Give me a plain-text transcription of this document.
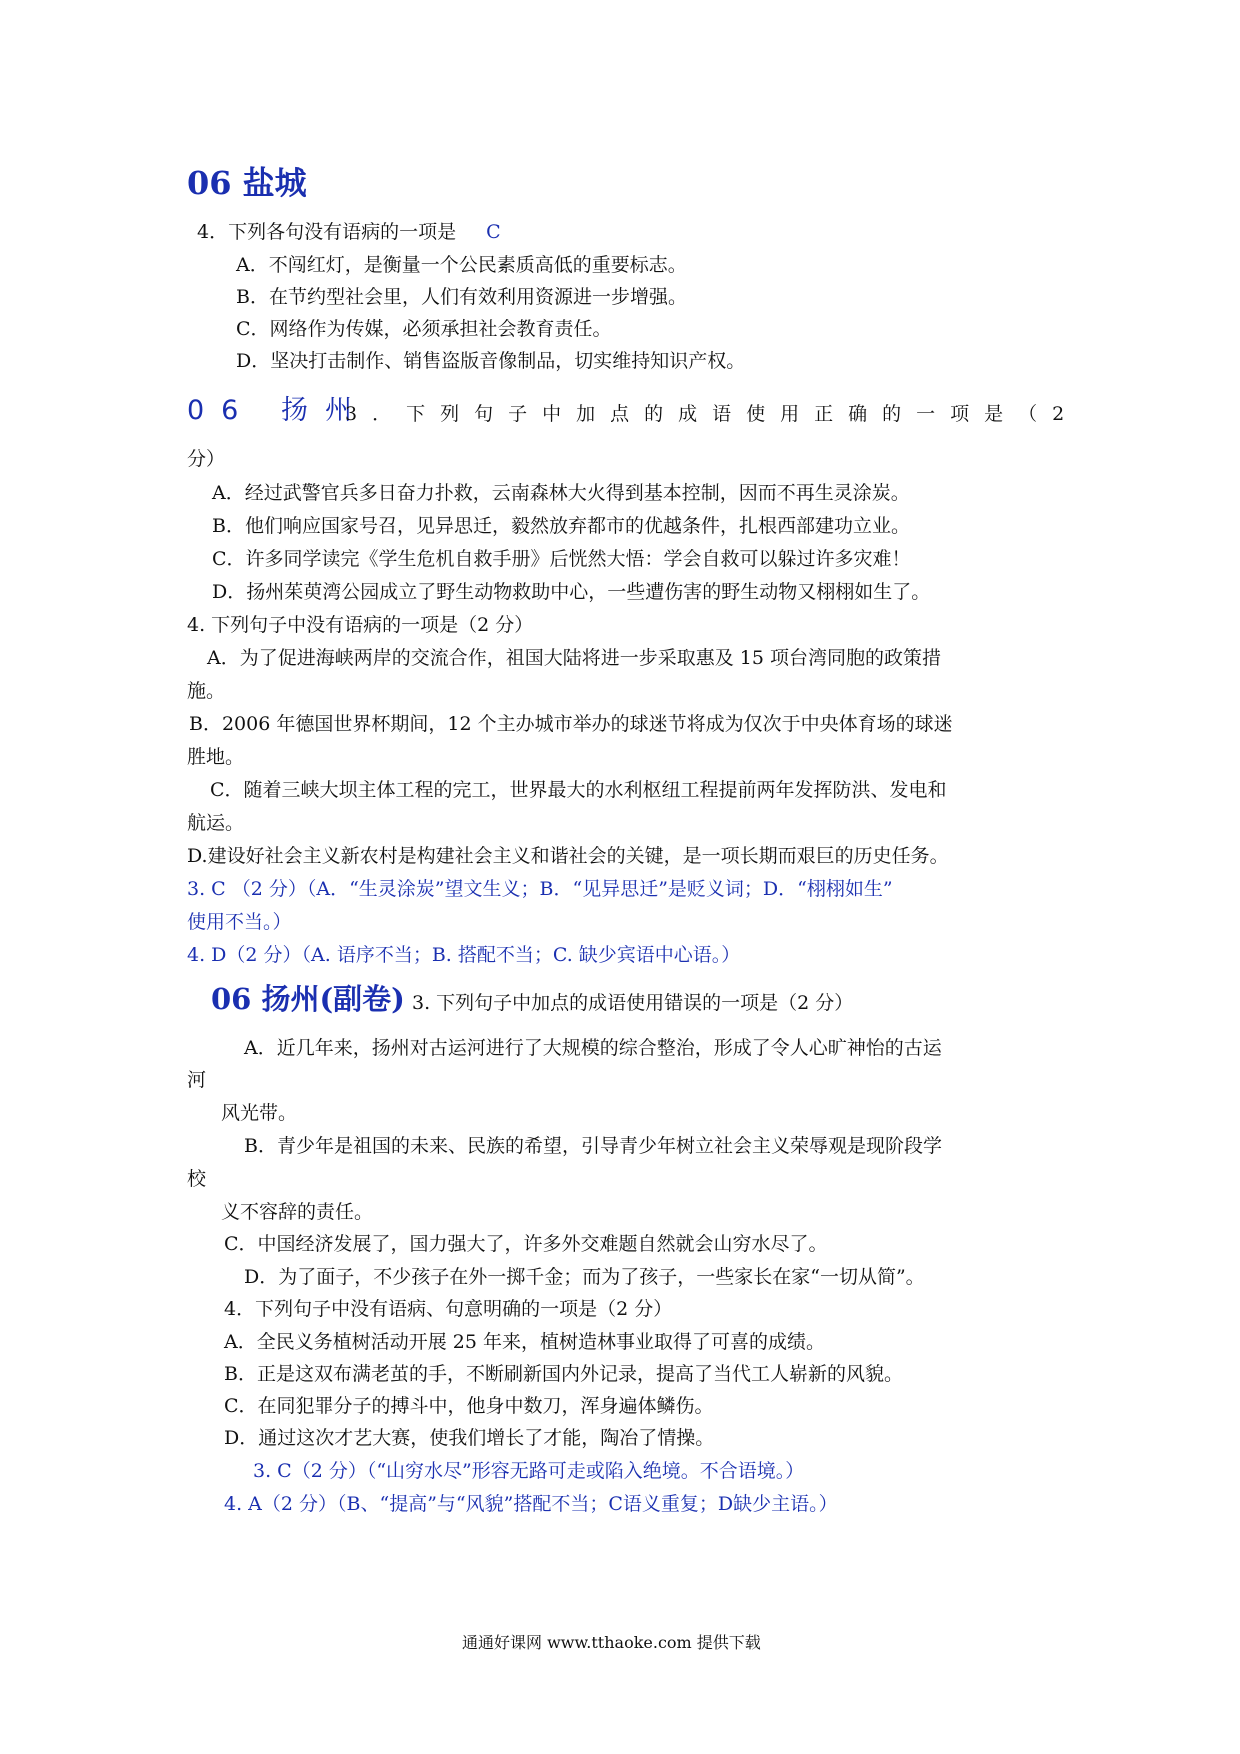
06 盐城
4．下列各句没有语病的一项是 C
A．不闯红灯，是衡量一个公民素质高低的重要标志。
B．在节约型社会里，人们有效利用资源进一步增强。
C．网络作为传媒，必须承担社会教育责任。
D．坚决打击制作、销售盗版音像制品，切实维持知识产权。
06 扬州
3．下列句子中加点的成语使用正确的一项是（2
分）
A．经过武警官兵多日奋力扑救，云南森林大火得到基本控制，因而不再生灵涂炭。
B．他们响应国家号召，见异思迁，毅然放弃都市的优越条件，扎根西部建功立业。
C．许多同学读完《学生危机自救手册》后恍然大悟：学会自救可以躲过许多灾难！
D．扬州茱萸湾公园成立了野生动物救助中心，一些遭伤害的野生动物又栩栩如生了。
4. 下列句子中没有语病的一项是（2 分）
A．为了促进海峡两岸的交流合作，祖国大陆将进一步采取惠及 15 项台湾同胞的政策措
施。
B．2006 年德国世界杯期间，12 个主办城市举办的球迷节将成为仅次于中央体育场的球迷
胜地。
C．随着三峡大坝主体工程的完工，世界最大的水利枢纽工程提前两年发挥防洪、发电和
航运。
D.建设好社会主义新农村是构建社会主义和谐社会的关键，是一项长期而艰巨的历史任务。
3. C （2 分）（A．“生灵涂炭”望文生义；B．“见异思迁”是贬义词；D．“栩栩如生”
使用不当。）
4. D（2 分）（A. 语序不当；B. 搭配不当；C. 缺少宾语中心语。）
06 扬州(副卷) 3. 下列句子中加点的成语使用错误的一项是（2 分）
A．近几年来，扬州对古运河进行了大规模的综合整治，形成了令人心旷神怡的古运
河
风光带。
B．青少年是祖国的未来、民族的希望，引导青少年树立社会主义荣辱观是现阶段学
校
义不容辞的责任。
C．中国经济发展了，国力强大了，许多外交难题自然就会山穷水尽了。
D．为了面子，不少孩子在外一掷千金；而为了孩子，一些家长在家“一切从简”。
4．下列句子中没有语病、句意明确的一项是（2 分）
A．全民义务植树活动开展 25 年来，植树造林事业取得了可喜的成绩。
B．正是这双布满老茧的手，不断刷新国内外记录，提高了当代工人崭新的风貌。
C．在同犯罪分子的搏斗中，他身中数刀，浑身遍体鳞伤。
D．通过这次才艺大赛，使我们增长了才能，陶冶了情操。
3. C（2 分）（“山穷水尽”形容无路可走或陷入绝境。不合语境。）
4. A（2 分）（B、“提高”与“风貌”搭配不当；C语义重复；D缺少主语。）
通通好课网 www.tthaoke.com 提供下载
